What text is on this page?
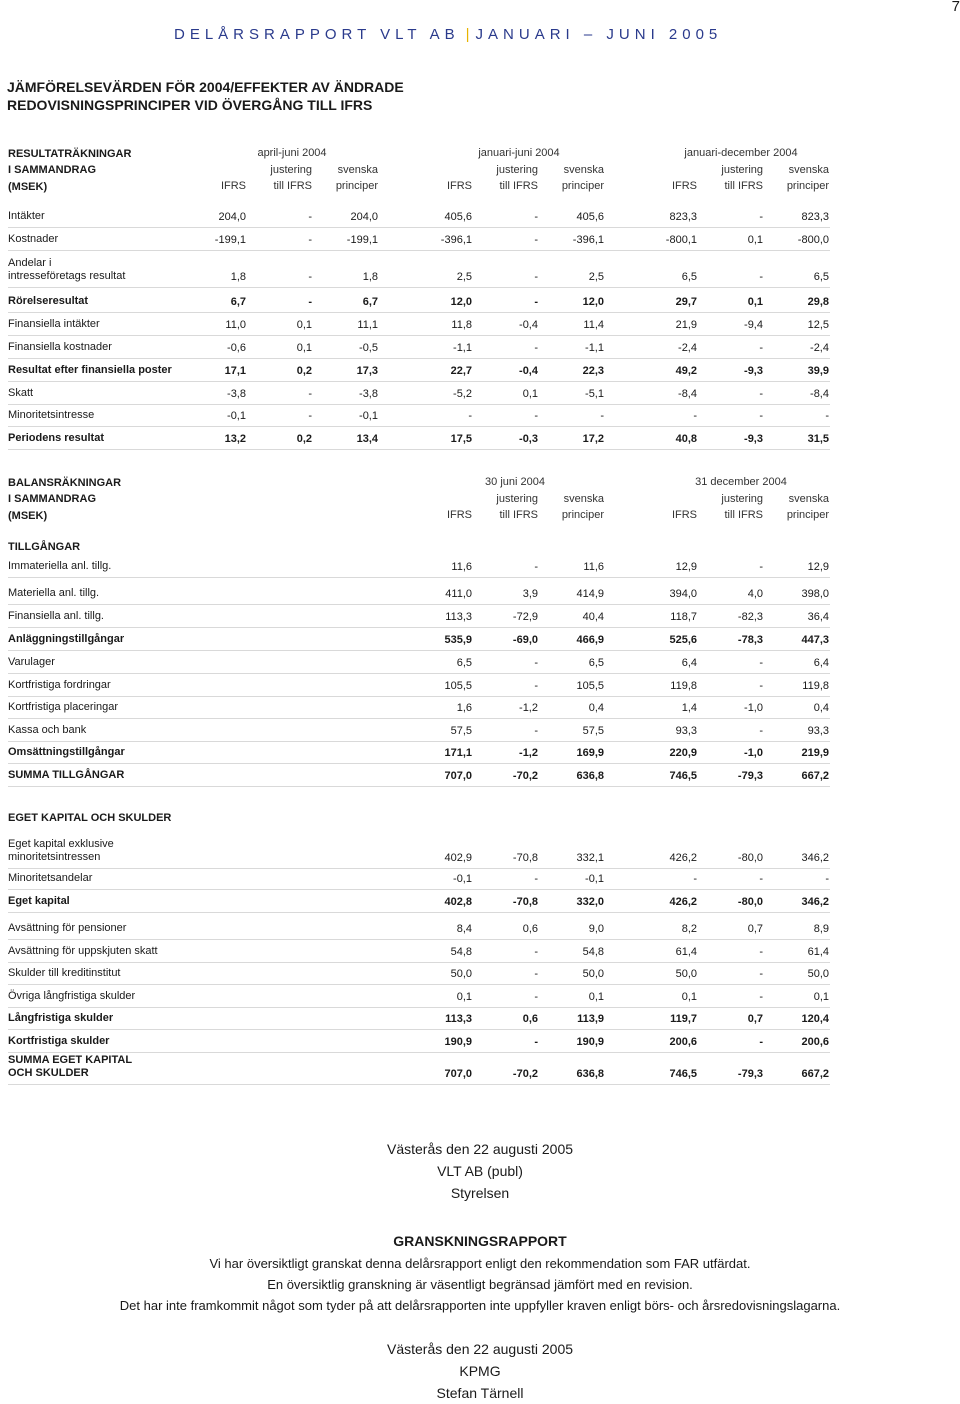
7
DELÅRSRAPPORT VLT AB | JANUARI – JUNI 2005
JÄMFÖRELSEVÄRDEN FÖR 2004/EFFEKTER AV ÄNDRADE
REDOVISNINGSPRINCIPER VID ÖVERGÅNG TILL IFRS
RESULTATRÄKNINGAR
I SAMMANDRAG
(MSEK)
april-juni 2004	januari-juni 2004	januari-december 2004
IFRS
justering
till IFRS
svenska
principer	IFRS
justering
till IFRS
svenska
principer	IFRS
justering
till IFRS
svenska
principer
Intäkter	204,0	-	204,0	405,6	-	405,6	823,3	-	823,3
Kostnader	-199,1	-	-199,1	-396,1	-	-396,1	-800,1	0,1	-800,0
Andelar i
intresseföretags resultat	1,8	-	1,8	2,5	-	2,5	6,5	-	6,5
Rörelseresultat	6,7	-	6,7	12,0	-	12,0	29,7	0,1	29,8
Finansiella intäkter	11,0	0,1	11,1	11,8	-0,4	11,4	21,9	-9,4	12,5
Finansiella kostnader	-0,6	0,1	-0,5	-1,1	-	-1,1	-2,4	-	-2,4
Resultat efter finansiella poster	17,1	0,2	17,3	22,7	-0,4	22,3	49,2	-9,3	39,9
Skatt	-3,8	-	-3,8	-5,2	0,1	-5,1	-8,4	-	-8,4
Minoritetsintresse	-0,1	-	-0,1	-	-	-	-	-	-
Periodens resultat	13,2	0,2	13,4	17,5	-0,3	17,2	40,8	-9,3	31,5
BALANSRÄKNINGAR
I SAMMANDRAG
(MSEK)
30 juni 2004	31 december 2004
IFRS
justering
till IFRS
svenska
principer	IFRS
justering
till IFRS
svenska
principer
TILLGÅNGAR
Immateriella anl. tillg.	11,6	-	11,6	12,9	-	12,9
Materiella anl. tillg.	411,0	3,9	414,9	394,0	4,0	398,0
Finansiella anl. tillg.	113,3	-72,9	40,4	118,7	-82,3	36,4
Anläggningstillgångar	535,9	-69,0	466,9	525,6	-78,3	447,3
Varulager	6,5	-	6,5	6,4	-	6,4
Kortfristiga fordringar	105,5	-	105,5	119,8	-	119,8
Kortfristiga placeringar	1,6	-1,2	0,4	1,4	-1,0	0,4
Kassa och bank	57,5	-	57,5	93,3	-	93,3
Omsättningstillgångar	171,1	-1,2	169,9	220,9	-1,0	219,9
SUMMA TILLGÅNGAR	707,0	-70,2	636,8	746,5	-79,3	667,2
EGET KAPITAL OCH SKULDER
Eget kapital exklusive
minoritetsintressen	402,9	-70,8	332,1	426,2	-80,0	346,2
Minoritetsandelar	-0,1	-	-0,1	-	-	-
Eget kapital	402,8	-70,8	332,0	426,2	-80,0	346,2
Avsättning för pensioner	8,4	0,6	9,0	8,2	0,7	8,9
Avsättning för uppskjuten skatt	54,8	-	54,8	61,4	-	61,4
Skulder till kreditinstitut	50,0	-	50,0	50,0	-	50,0
Övriga långfristiga skulder	0,1	-	0,1	0,1	-	0,1
Långfristiga skulder	113,3	0,6	113,9	119,7	0,7	120,4
Kortfristiga skulder	190,9	-	190,9	200,6	-	200,6
SUMMA EGET KAPITAL
OCH SKULDER	707,0	-70,2	636,8	746,5	-79,3	667,2
Västerås den 22 augusti 2005
VLT AB (publ)
Styrelsen
GRANSKNINGSRAPPORT
Vi har översiktligt granskat denna delårsrapport enligt den rekommendation som FAR utfärdat.
En översiktlig granskning är väsentligt begränsad jämfört med en revision.
Det har inte framkommit något som tyder på att delårsrapporten inte uppfyller kraven enligt börs- och årsredovisningslagarna.
Västerås den 22 augusti 2005
KPMG
Stefan Tärnell
